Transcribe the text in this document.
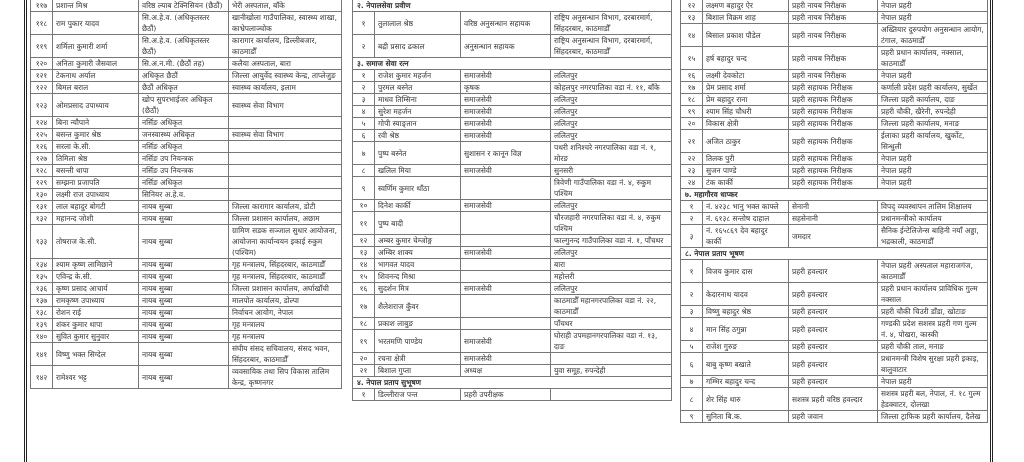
११७	प्रशान्त मिश्र	वरिष्ठ ल्याब टेक्निसियन (छैठौं)	भेरी अस्पताल, बाँके
११८	राम पुकार यादव	सि.अ.हे.व. (अधिकृतस्तर छैठौं)	खानीखोला गाउँपालिका, स्वास्थ्य शाखा, काभ्रेपलाञ्चोक
११९	शर्मिला कुमारी शर्मा	सि.अ.हे.व. (अधिकृतस्तर छैठौं)	कारागार कार्यालय, डिल्लीबजार, काठमाडौँ
१२०	अनिता कुमारी जैसवाल	सि.अ.न.मी. (छैठौं तह)	कलैया अस्पताल, बारा
१२१	टेकनाथ अर्याल	अधिकृत छैठौं	जिल्ला आयुर्वेद स्वास्थ्य केन्द्र, ताप्लेजुङ
१२२	बिमल बराल	छैठौं अधिकृत	स्वास्थ्य कार्यालय, इलाम
१२३	ओमप्रसाद उपाध्याय	खोप सुपरभाईजर अधिकृत (छैठौं)	स्वास्थ्य सेवा विभाग
१२४	बिना न्यौपाने	नर्सिङ अधिकृत	
१२५	बसन्त कुमार श्रेष्ठ	जनस्वास्थ्य अधिकृत	स्वास्थ्य सेवा विभाग
१२६	सरला के.सी.	नर्सिङ अधिकृत	
१२७	तिमिला श्रेष्ठ	नर्सिङ उप नियन्त्रक	
१२८	बसन्ती थापा	नर्सिङ उप नियन्त्रक	
१२९	सम्झना प्रजापति	नर्सिङ अधिकृत	
१३०	लक्ष्मी राज उपाध्याय	सिनियर अ.हे.व.	
१३१	लाल बहादुर बोगटी	नायब सुब्बा	जिल्ला कारागार कार्यालय, डोटी
१३२	महानन्द जोशी	नायब सुब्बा	जिल्ला प्रशासन कार्यालय, अछाम
१३३	तोषराज के.सी.	नायब सुब्बा	ग्रामिण सडक सञ्जाल सुधार आयोजना, आयोजना कार्यान्वयन इकाई रुकुम (पश्चिम)
१३४	श्याम कृष्ण लामिछाने	नायब सुब्बा	गृह मन्त्रालय, सिंहदरबार, काठमाडौँ
१३५	एविन्द्र के.सी.	नायब सुब्बा	गृह मन्त्रालय, सिंहदरबार, काठमाडौँ
१३६	कृष्ण प्रसाद आचार्य	नायब सुब्बा	जिल्ला प्रशासन कार्यालय, अर्घाखाँची
१३७	रामकृष्ण उपाध्याय	नायब सुब्बा	मालपोत कार्यालय, डोल्पा
१३८	रोशन राई	नायब सुब्बा	निर्वाचन आयोग, नेपाल
१३९	शंकर कुमार थापा	नायब सुब्बा	गृह मन्त्रालय
१४०	सुवित कुमार सुनुवार	नायब सुब्बा	गृह मन्त्रालय
१४१	विष्णु भक्त सिग्देल	नायब सुब्बा	संघीय संसद सचिवालय, संसद भवन, सिंहदरबार, काठमाडौँ
१४२	रामेश्वर भट्ट	नायब सुब्बा	व्यवसायिक तथा सिप विकास तालिम केन्द्र, कृष्णनगर
२. नेपालसेवा प्रवीण			
१	तुलालाल श्रेष्ठ	वरिष्ठ अनुसन्धान सहायक	राष्ट्रिय अनुसन्धान विभाग, दरबारमार्ग, सिंहदरबार, काठमाडौँ
२	बद्री प्रसाद ढकाल	अनुसन्धान सहायक	राष्ट्रिय अनुसन्धान विभाग, दरबारमार्ग, सिंहदरबार, काठमाडौँ
३. समाज सेवा रत्न			
१	राजेश कुमार महर्जन	समाजसेवी	ललितपुर
२	पुरमल बस्नेत	कृषक	कोहलपुर नगरपालिका वडा नं. ११, बाँके
३	माधव तिम्सिना	समाजसेवी	ललितपुर
४	सुरेश महर्जन	समाजसेवी	ललितपुर
५	गोपी स्याङ्तान	समाजसेवी	ललितपुर
६	रवी श्रेष्ठ	समाजसेवी	ललितपुर
७	पुष्प बस्नेत	सुशासन र कानून विज्ञ	पथरी शनिश्चरे नगरपालिका वडा नं. १, मोरङ
८	खलिल मिया	समाजसेवी	सुनसरी
९	स्वर्णिम कुमार थाँठा		त्रिवेणी गाउँपालिका वडा नं. ४, रुकुम पश्चिम
१०	दिनेश कार्की	समाजसेवी	ललितपुर
११	पुष्प बादी		चौरजहारी नगरपालिका वडा नं. ४, रुकुम पश्चिम
१२	अम्बर कुमार चेम्जोङ्ग		फाल्गुनन्द गाउँपालिका वडा नं. १, पाँचथर
१३	अम्बिर शाक्य	समाजसेवी	ललितपुर
१४	भागवत यादव		बारा
१५	शिवनन्द मिश्रा		महोत्तरी
१६	सुदर्शन मित्र	समाजसेवी	ललितपुर
१७	शैलेशराज कुँवर		काठमाडौँ महानगरपालिका वडा नं. २२, काठमाडौँ
१८	प्रकाश लाबुङ		पाँचथर
१९	भरतमणि पाण्डेय	समाजसेवी	घोराही उपमहानगरपालिका वडा नं. १३, दाङ
२०	रचना क्षेत्री	समाजसेवी	
२१	बिशाल गुप्ता	अध्यक्ष	युवा समूह, रुपन्देही
४. नेपाल प्रताप सुभूषण			
१	डिल्लीराज पन्त	प्रहरी उपरीक्षक	
१२	लक्ष्मण बहादुर ऐर	प्रहरी नायब निरीक्षक	नेपाल प्रहरी
१३	बिशाल विक्रम शाह	प्रहरी नायब निरीक्षक	नेपाल प्रहरी
१४	बिसाल प्रकाश पौडेल	प्रहरी नायब निरीक्षक	अख्तियार दुरुपयोग अनुसन्धान आयोग, टंगाल, काठमाडौँ
१५	हर्ष बहादुर चन्द	प्रहरी नायब निरीक्षक	प्रहरी प्रधान कार्यालय, नक्साल, काठमाडौँ
१६	लक्ष्मी देवकोटा	प्रहरी नायब निरीक्षक	नेपाल प्रहरी
१७	प्रेम प्रसाद शर्मा	प्रहरी सहायक निरीक्षक	कर्णाली प्रदेश प्रहरी कार्यालय, सुर्खेत
१८	प्रेम बहादुर राना	प्रहरी सहायक निरीक्षक	जिल्ला प्रहरी कार्यालय, दाङ
१९	श्याम सिंह चौधरी	प्रहरी सहायक निरीक्षक	प्रहरी चौकी, खैरेनी, रुपन्देही
२०	विकास क्षेत्री	प्रहरी सहायक निरीक्षक	जिल्ला प्रहरी कार्यालय, मनाङ
२१	अजित ठाकुर	प्रहरी सहायक निरीक्षक	ईलाका प्रहरी कार्यालय, खुर्कोट, सिन्धुली
२२	तिलक पुरी	प्रहरी सहायक निरीक्षक	नेपाल प्रहरी
२३	सुजन पाण्डे	प्रहरी सहायक निरीक्षक	नेपाल प्रहरी
२४	टंक कार्की	प्रहरी सहायक निरीक्षक	नेपाल प्रहरी
७. महागौरव धाप्कर			
१	नं. ४२३८ भानु भक्त काफ्ले	सेनानी	विपद् व्यवस्थापन तालिम शिक्षालय
२	नं. ६१३८ सन्तोष दाहाल	सहसेनानी	प्रधानमन्त्रीको कार्यालय
३	नं. १६५८६९ देव बहादुर कार्की	जमदार	सैनिक ईन्टेलिजेन्स बाहिनी नयाँ अड्डा, भद्रकाली, काठमाडौँ
८. नेपाल प्रताप भूषण			
१	विजय कुमार दास	प्रहरी हवल्दार	नेपाल प्रहरी अस्पताल महाराजगंज, काठमाडौँ
२	केदारनाथ यादव	प्रहरी हवल्दार	प्रहरी प्रधान कार्यालय प्राविधिक गुल्म नक्साल
३	विष्णु बहादुर श्रेष्ठ	प्रहरी हवल्दार	प्रहरी चौकी चिउरी डाँडा, खोटाङ
४	मान सिंह ठगुन्ना	प्रहरी हवल्दार	गण्डकी प्रदेश सशस्त्र प्रहरी गण गुल्म नं. ४, पोखरा, कास्की
५	राजेश गुरुङ	प्रहरी हवल्दार	प्रहरी चौकी ताल, मनाङ
६	बाबु कृष्ण बखाते	प्रहरी हवल्दार	प्रधानमन्त्री विशेष सुरक्षा प्रहरी इकाइ, बालुवाटार
७	गम्भिर बहादुर चन्द	प्रहरी हवल्दार	नेपाल प्रहरी
८	शेर सिंह थारु	सशस्त्र प्रहरी वरिष्ठ हवल्दार	सशस्त्र प्रहरी बल, नेपाल, नं. १८ गुल्म हेडक्वाटर, दोलखा
९	सुनिता बि.क.	प्रहरी जवान	जिल्ला ट्राफिक प्रहरी कार्यालय, दैलेख
